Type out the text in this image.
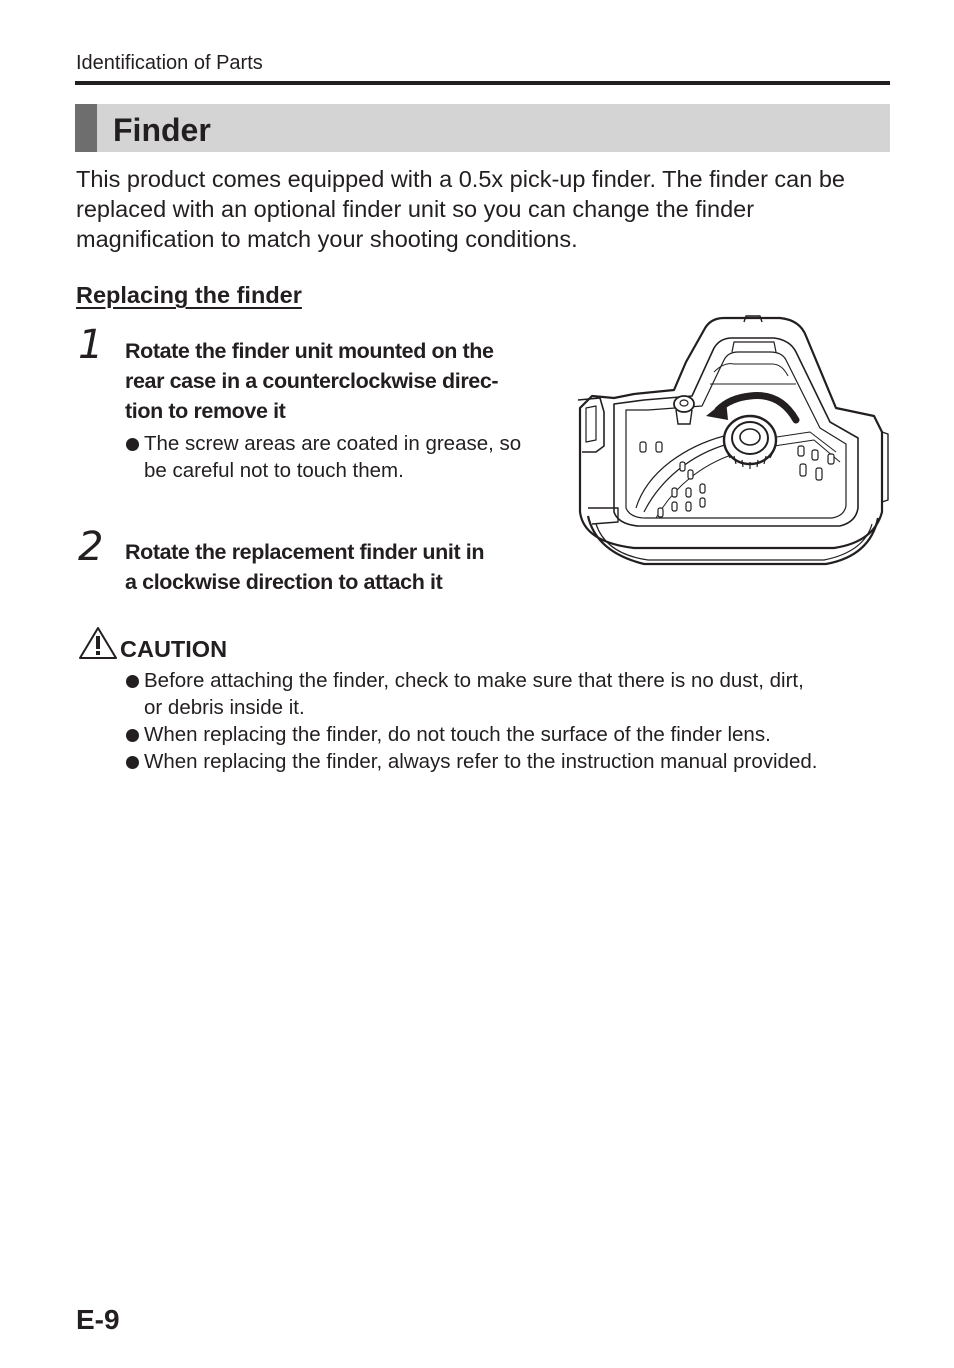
Identification of Parts
Finder
This product comes equipped with a 0.5x pick-up finder. The finder can be replaced with an optional finder unit so you can change the finder magnification to match your shooting conditions.
Replacing the finder
1 Rotate the finder unit mounted on the
rear case in a counterclockwise direc-
tion to remove it
The screw areas are coated in grease, so
be careful not to touch them.
2 Rotate the replacement finder unit in
a clockwise direction to attach it
CAUTION
Before attaching the finder, check to make sure that there is no dust, dirt,
or debris inside it.
When replacing the finder, do not touch the surface of the finder lens.
When replacing the finder, always refer to the instruction manual provided.
E-9
